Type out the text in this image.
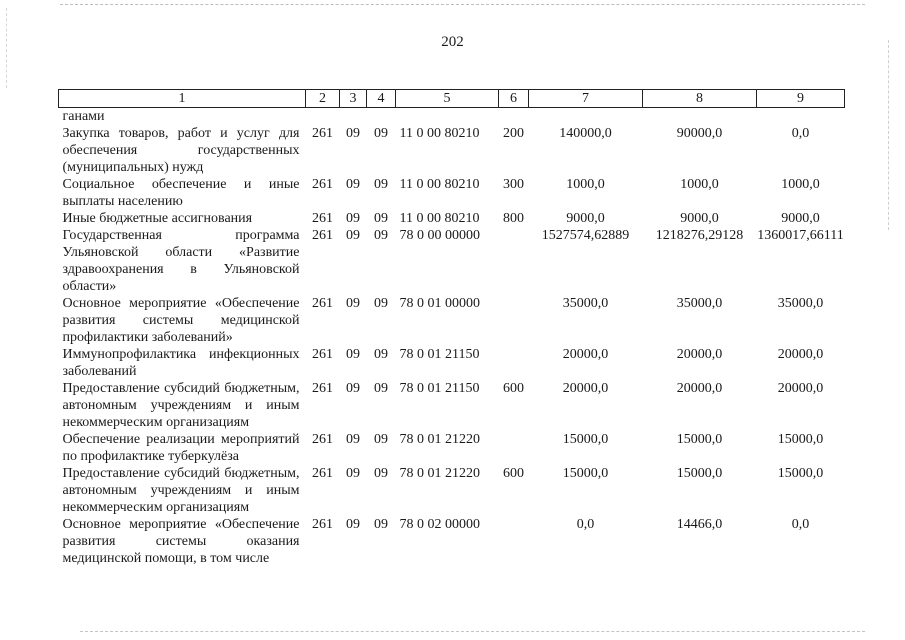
202
1	2	3	4	5	6	7	8	9
ганами								
Закупка товаров, работ и услуг для обеспечения государственных (муниципальных) нужд	261	09	09	11 0 00 80210	200	140000,0	90000,0	0,0
Социальное обеспечение и иные выплаты населению	261	09	09	11 0 00 80210	300	1000,0	1000,0	1000,0
Иные бюджетные ассигнования	261	09	09	11 0 00 80210	800	9000,0	9000,0	9000,0
Государственная программа Ульяновской области «Развитие здравоохранения в Ульяновской области»	261	09	09	78 0 00 00000		1527574,62889	1218276,29128	1360017,66111
Основное мероприятие «Обеспечение развития системы медицинской профилактики заболеваний»	261	09	09	78 0 01 00000		35000,0	35000,0	35000,0
Иммунопрофилактика инфекционных заболеваний	261	09	09	78 0 01 21150		20000,0	20000,0	20000,0
Предоставление субсидий бюджетным, автономным учреждениям и иным некоммерческим организациям	261	09	09	78 0 01 21150	600	20000,0	20000,0	20000,0
Обеспечение реализации мероприятий по профилактике туберкулёза	261	09	09	78 0 01 21220		15000,0	15000,0	15000,0
Предоставление субсидий бюджетным, автономным учреждениям и иным некоммерческим организациям	261	09	09	78 0 01 21220	600	15000,0	15000,0	15000,0
Основное мероприятие «Обеспечение развития системы оказания медицинской помощи, в том числе	261	09	09	78 0 02 00000		0,0	14466,0	0,0
